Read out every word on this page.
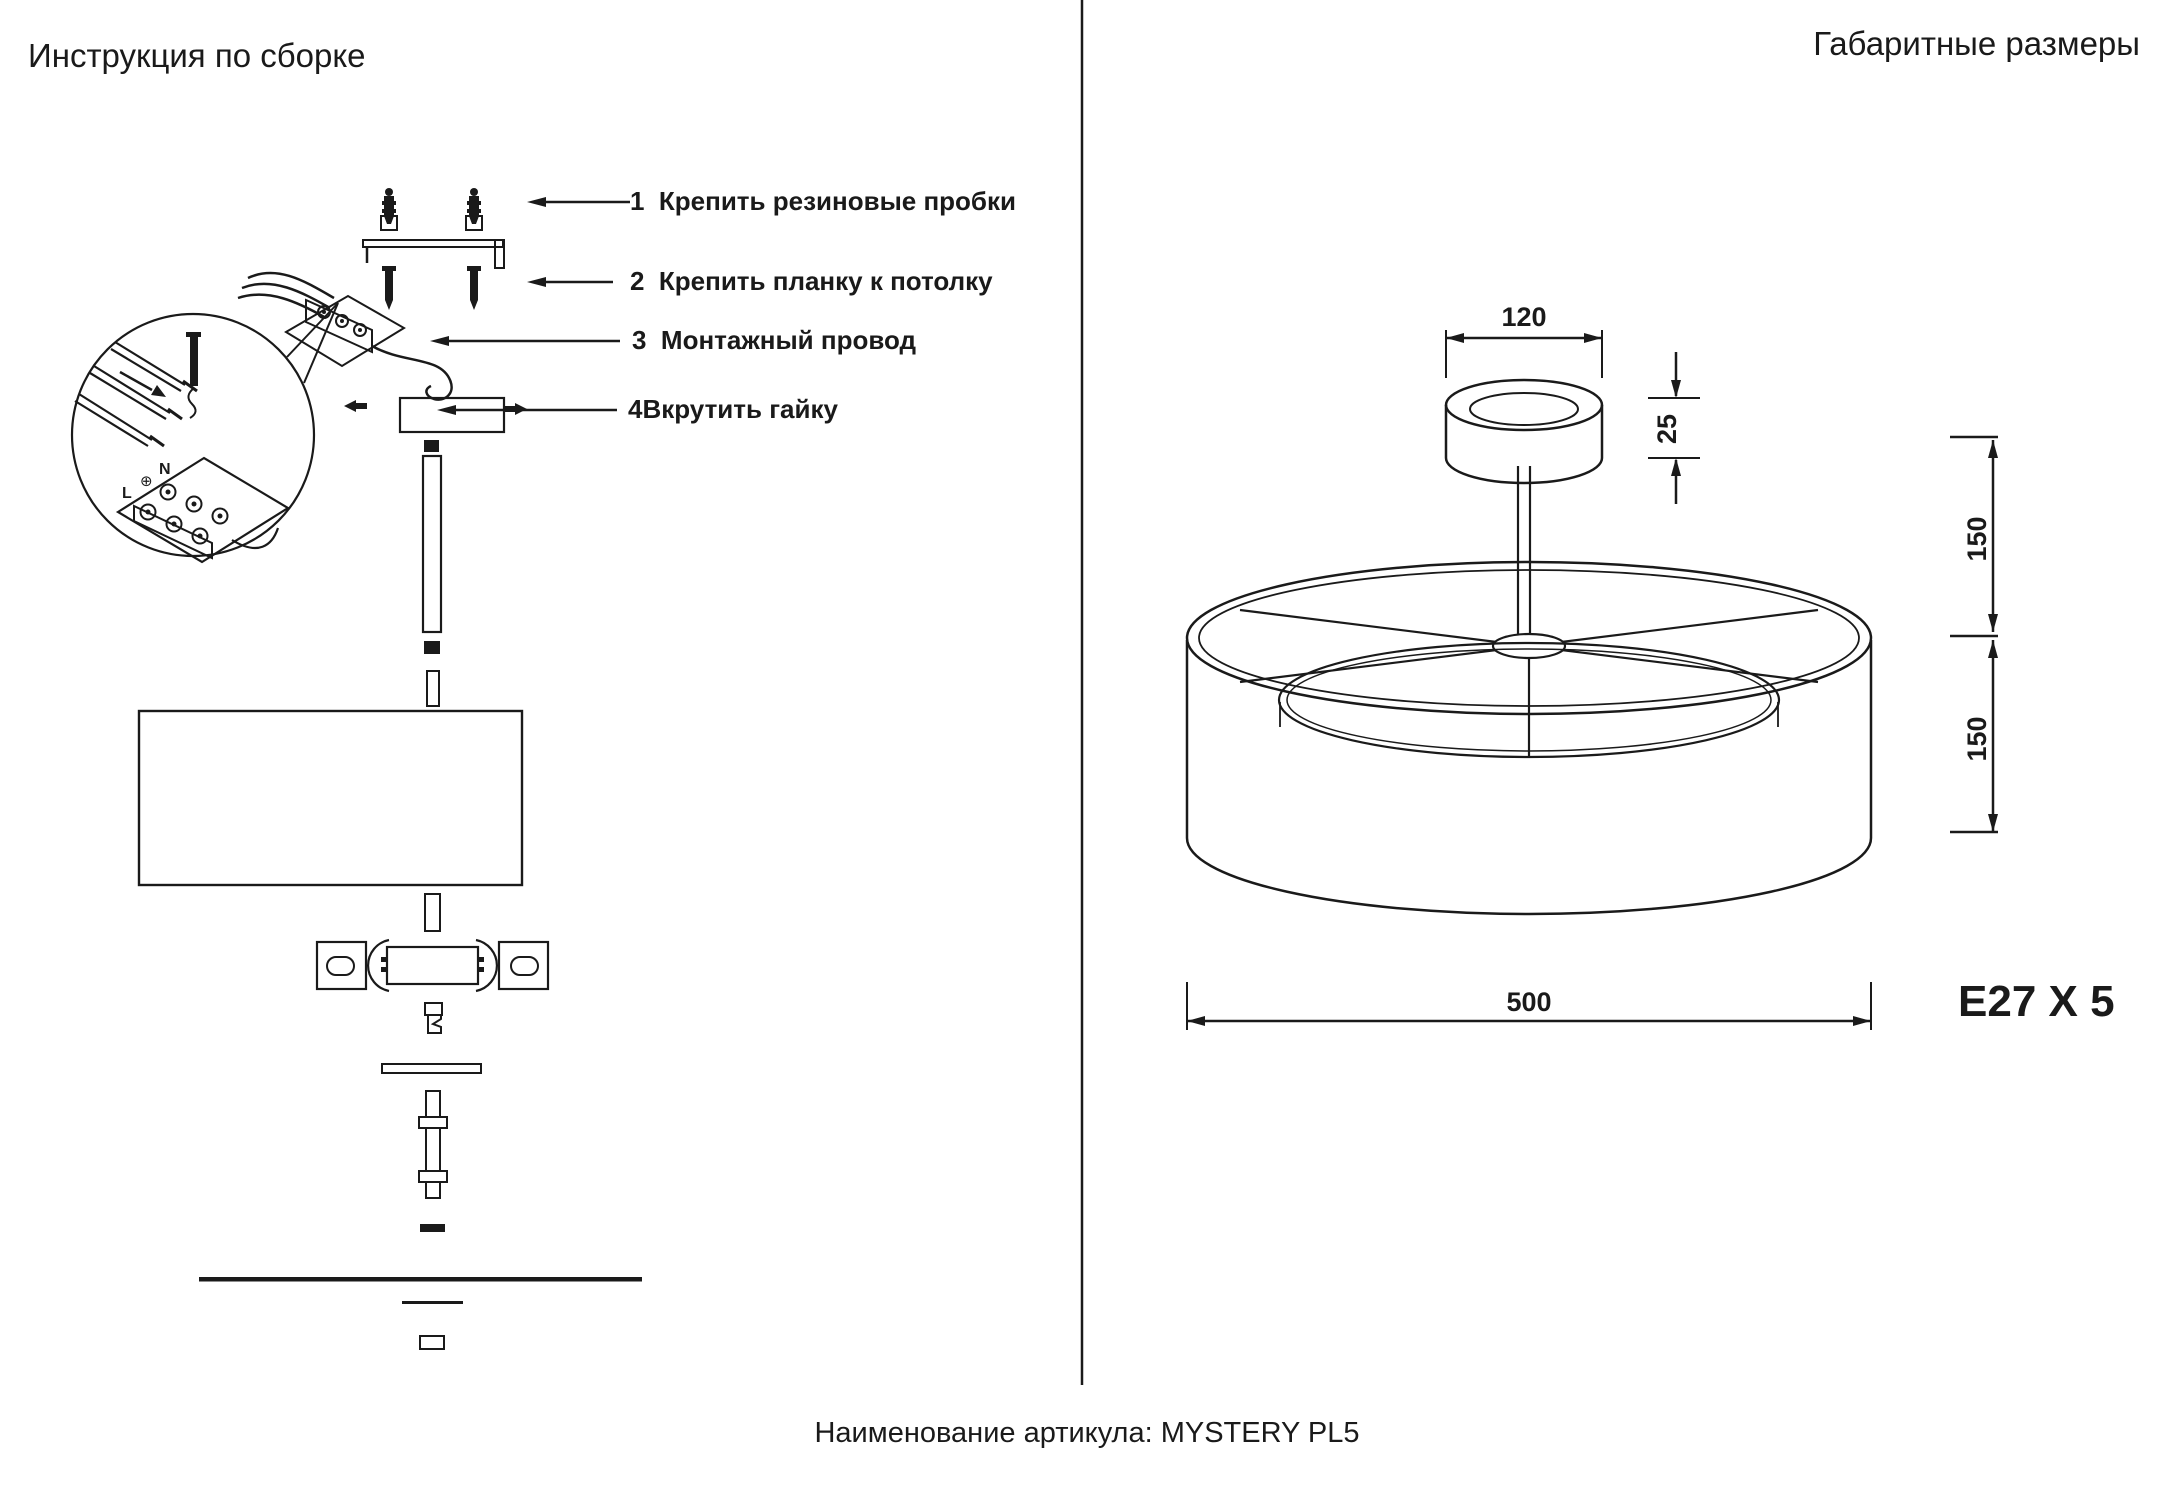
L
⊕
N
Инструкция по сборке	Габаритные размеры
1  Крепить резиновые пробки
2  Крепить планку к потолку
3  Монтажный провод
4Вкрутить гайку
120
25
150
150
500	E27 X 5
Наименование артикула: MYSTERY PL5
